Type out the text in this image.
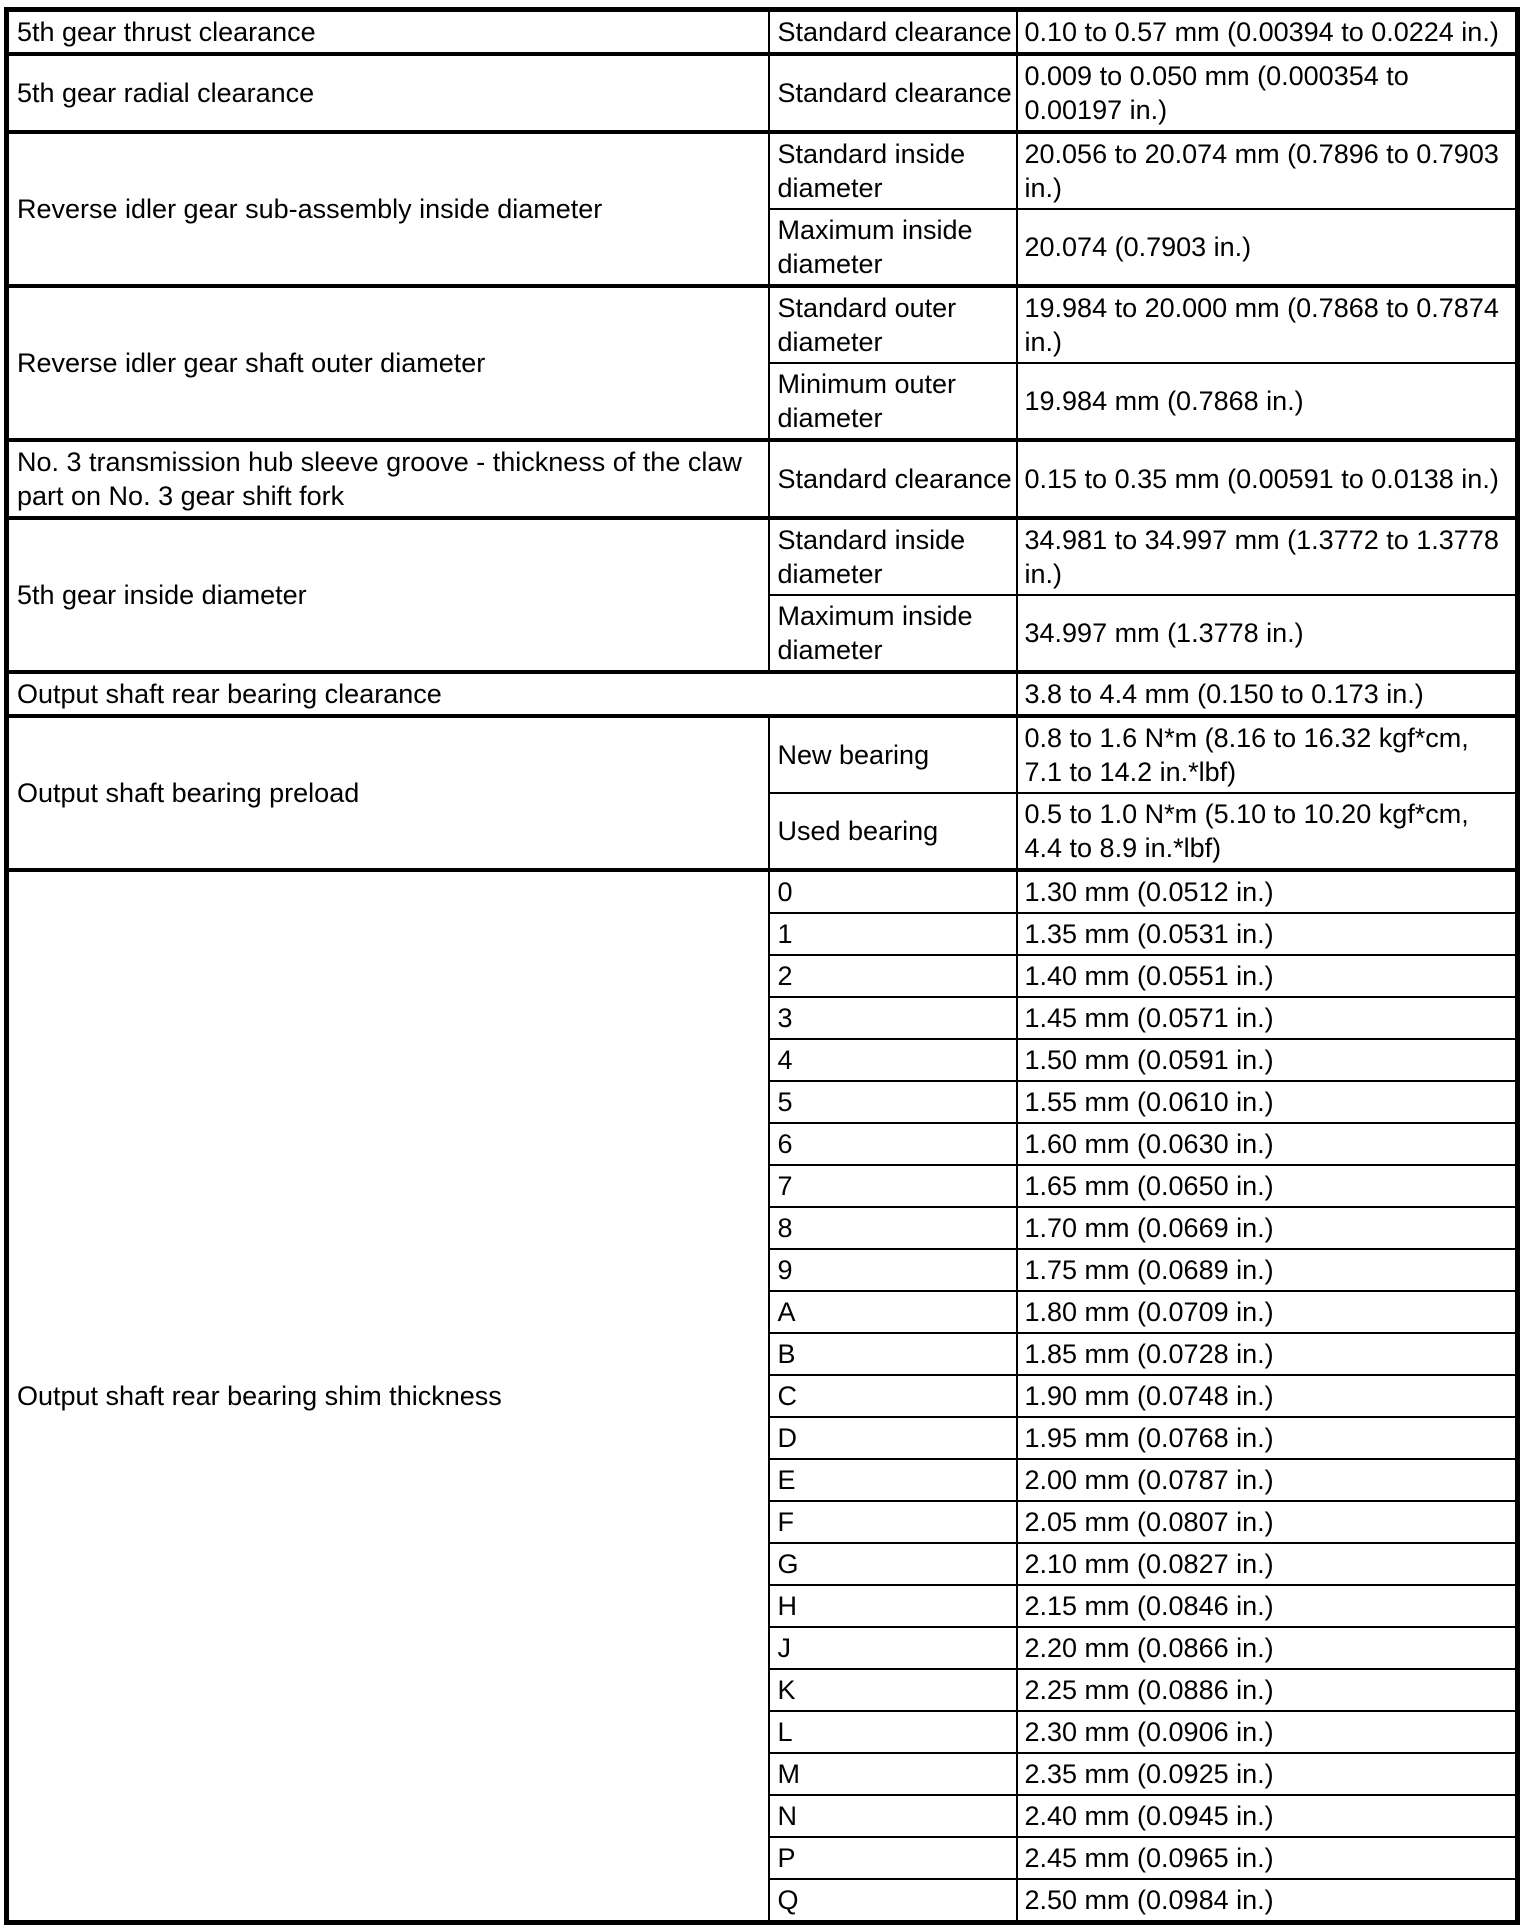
5th gear thrust clearance	Standard clearance	0.10 to 0.57 mm (0.00394 to 0.0224 in.)
5th gear radial clearance	Standard clearance	0.009 to 0.050 mm (0.000354 to 0.00197 in.)
Reverse idler gear sub-assembly inside diameter	Standard inside diameter	20.056 to 20.074 mm (0.7896 to 0.7903 in.)
	Maximum inside diameter	20.074 (0.7903 in.)
Reverse idler gear shaft outer diameter	Standard outer diameter	19.984 to 20.000 mm (0.7868 to 0.7874 in.)
	Minimum outer diameter	19.984 mm (0.7868 in.)
No. 3 transmission hub sleeve groove - thickness of the claw part on No. 3 gear shift fork	Standard clearance	0.15 to 0.35 mm (0.00591 to 0.0138 in.)
5th gear inside diameter	Standard inside diameter	34.981 to 34.997 mm (1.3772 to 1.3778 in.)
	Maximum inside diameter	34.997 mm (1.3778 in.)
Output shaft rear bearing clearance		3.8 to 4.4 mm (0.150 to 0.173 in.)
Output shaft bearing preload	New bearing	0.8 to 1.6 N*m (8.16 to 16.32 kgf*cm, 7.1 to 14.2 in.*lbf)
	Used bearing	0.5 to 1.0 N*m (5.10 to 10.20 kgf*cm, 4.4 to 8.9 in.*lbf)
Output shaft rear bearing shim thickness	0	1.30 mm (0.0512 in.)
	1	1.35 mm (0.0531 in.)
	2	1.40 mm (0.0551 in.)
	3	1.45 mm (0.0571 in.)
	4	1.50 mm (0.0591 in.)
	5	1.55 mm (0.0610 in.)
	6	1.60 mm (0.0630 in.)
	7	1.65 mm (0.0650 in.)
	8	1.70 mm (0.0669 in.)
	9	1.75 mm (0.0689 in.)
	A	1.80 mm (0.0709 in.)
	B	1.85 mm (0.0728 in.)
	C	1.90 mm (0.0748 in.)
	D	1.95 mm (0.0768 in.)
	E	2.00 mm (0.0787 in.)
	F	2.05 mm (0.0807 in.)
	G	2.10 mm (0.0827 in.)
	H	2.15 mm (0.0846 in.)
	J	2.20 mm (0.0866 in.)
	K	2.25 mm (0.0886 in.)
	L	2.30 mm (0.0906 in.)
	M	2.35 mm (0.0925 in.)
	N	2.40 mm (0.0945 in.)
	P	2.45 mm (0.0965 in.)
	Q	2.50 mm (0.0984 in.)
